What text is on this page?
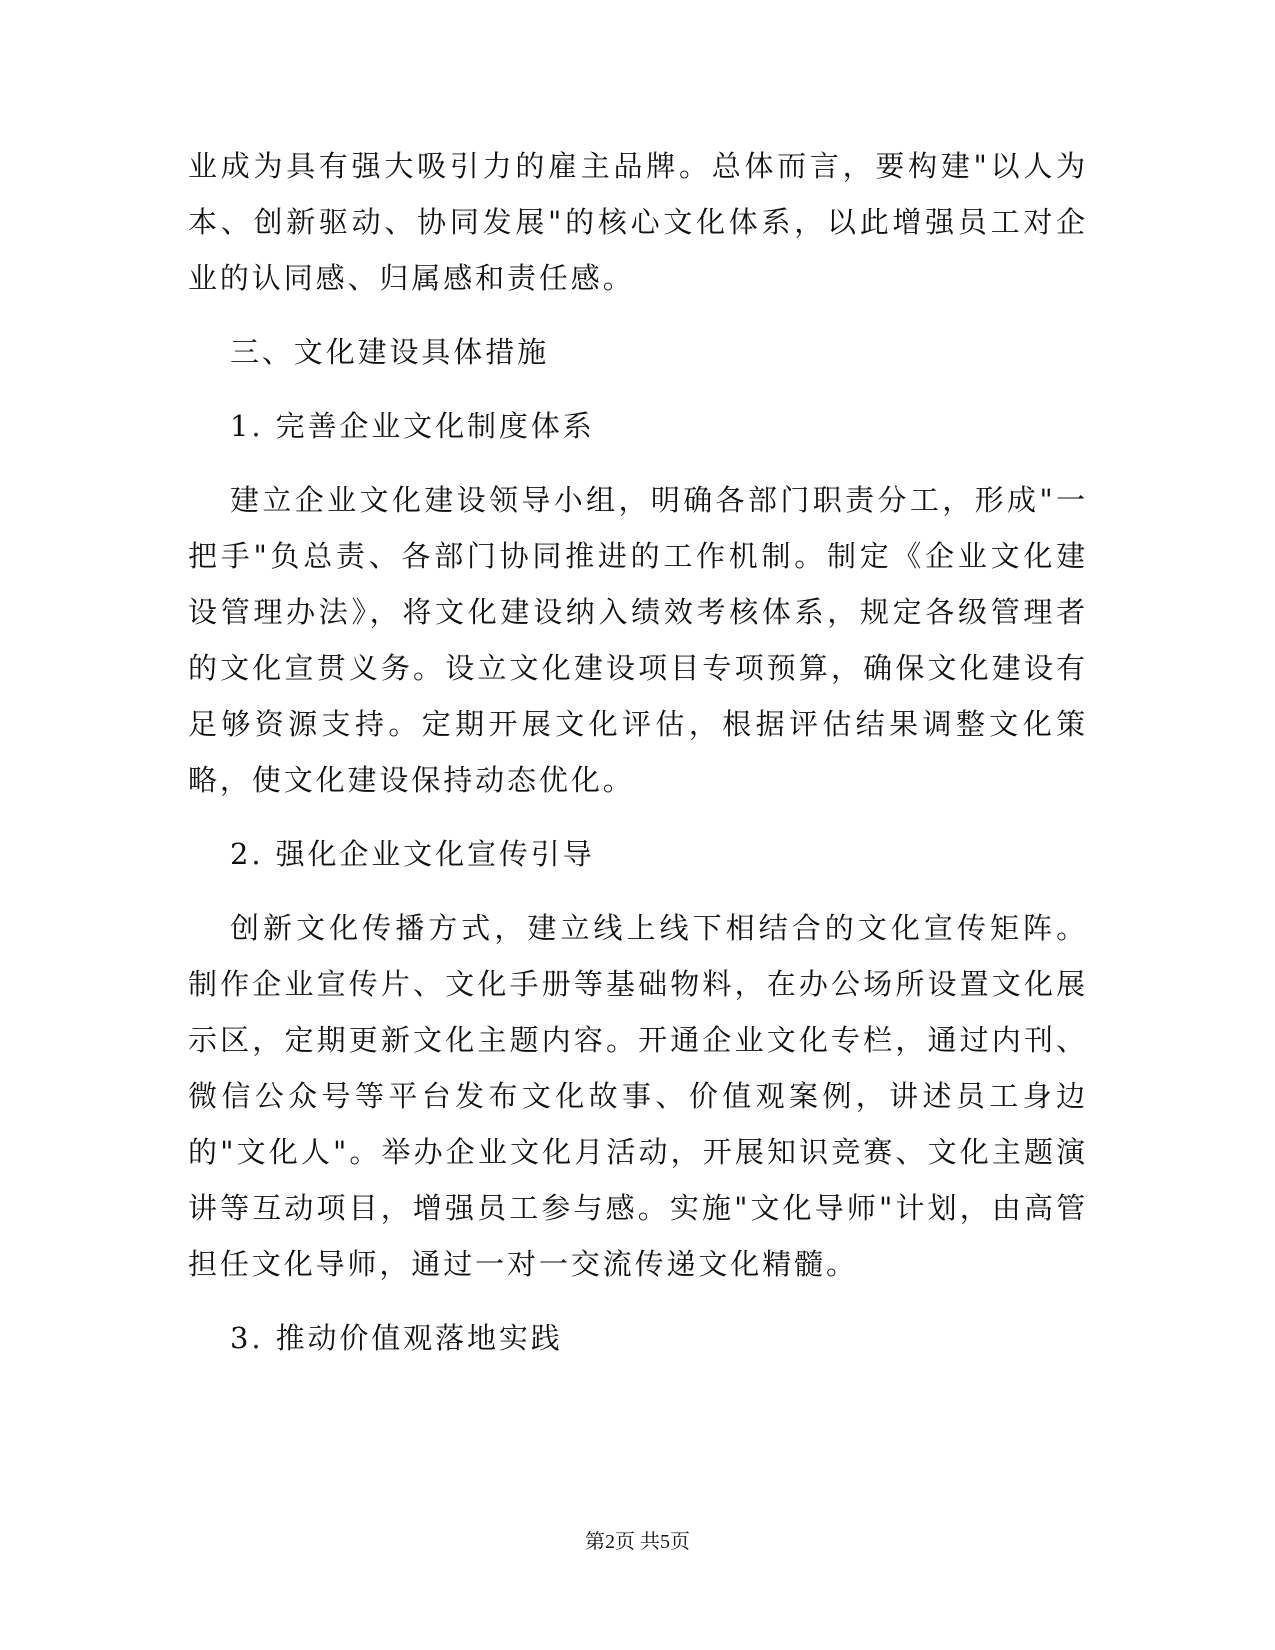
业成为具有强大吸引力的雇主品牌。总体而言，要构建"以人为本、创新驱动、协同发展"的核心文化体系，以此增强员工对企业的认同感、归属感和责任感。

三、文化建设具体措施

1. 完善企业文化制度体系

建立企业文化建设领导小组，明确各部门职责分工，形成"一把手"负总责、各部门协同推进的工作机制。制定《企业文化建设管理办法》，将文化建设纳入绩效考核体系，规定各级管理者的文化宣贯义务。设立文化建设项目专项预算，确保文化建设有足够资源支持。定期开展文化评估，根据评估结果调整文化策略，使文化建设保持动态优化。

2. 强化企业文化宣传引导

创新文化传播方式，建立线上线下相结合的文化宣传矩阵。制作企业宣传片、文化手册等基础物料，在办公场所设置文化展示区，定期更新文化主题内容。开通企业文化专栏，通过内刊、微信公众号等平台发布文化故事、价值观案例，讲述员工身边的"文化人"。举办企业文化月活动，开展知识竞赛、文化主题演讲等互动项目，增强员工参与感。实施"文化导师"计划，由高管担任文化导师，通过一对一交流传递文化精髓。

3. 推动价值观落地实践

第2页 共5页
